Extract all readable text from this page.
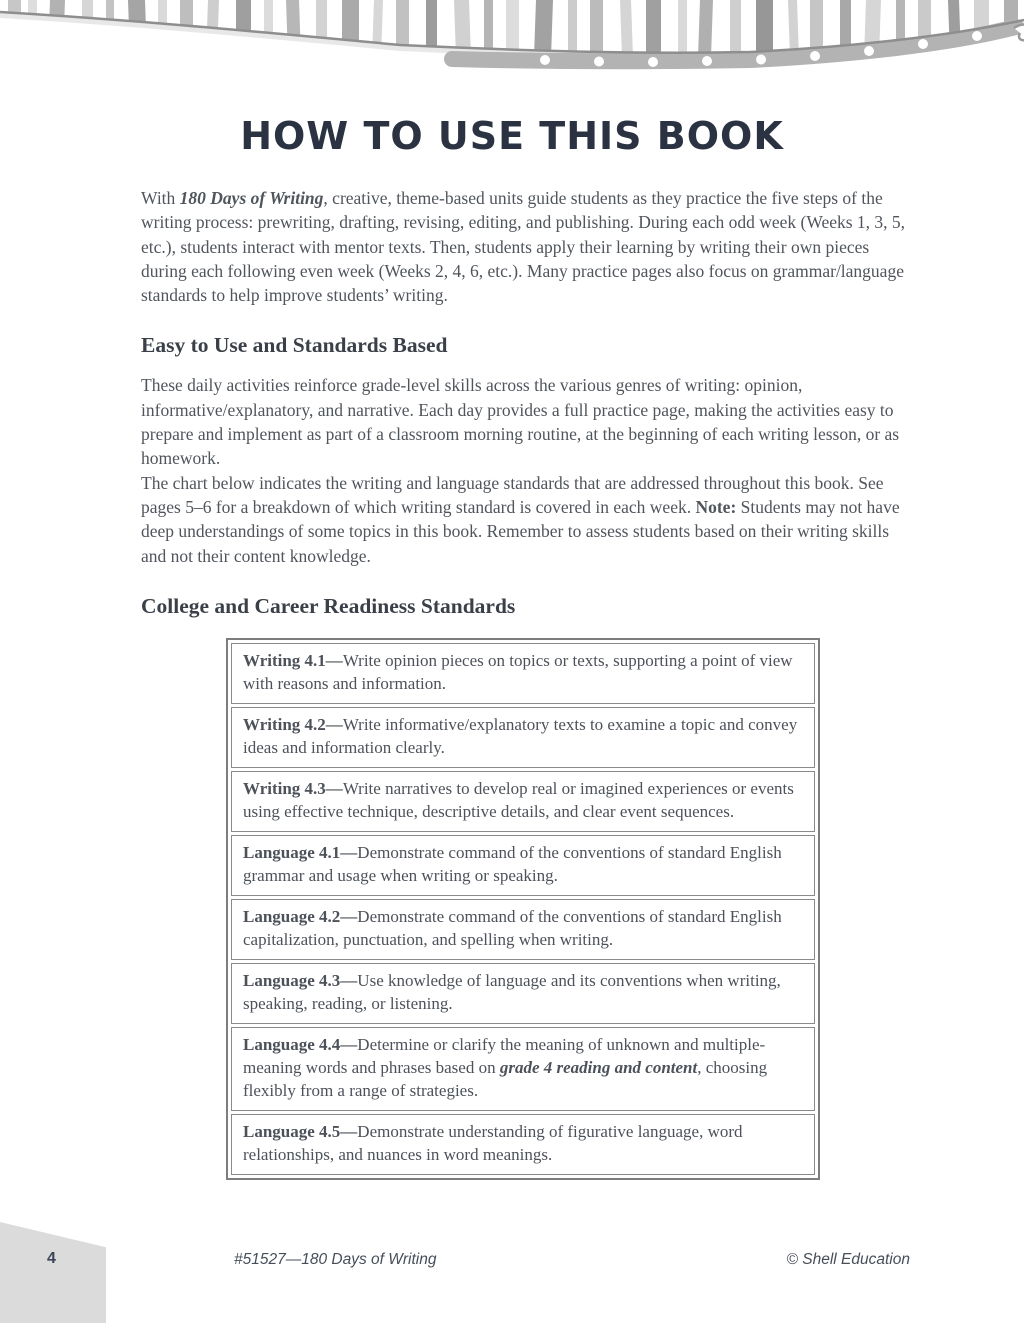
HOW TO USE THIS BOOK

With 180 Days of Writing, creative, theme-based units guide students as they practice the five steps of the writing process: prewriting, drafting, revising, editing, and publishing. During each odd week (Weeks 1, 3, 5, etc.), students interact with mentor texts. Then, students apply their learning by writing their own pieces during each following even week (Weeks 2, 4, 6, etc.). Many practice pages also focus on grammar/language standards to help improve students’ writing.

Easy to Use and Standards Based

These daily activities reinforce grade-level skills across the various genres of writing: opinion, informative/explanatory, and narrative. Each day provides a full practice page, making the activities easy to prepare and implement as part of a classroom morning routine, at the beginning of each writing lesson, or as homework.

The chart below indicates the writing and language standards that are addressed throughout this book. See pages 5–6 for a breakdown of which writing standard is covered in each week. Note: Students may not have deep understandings of some topics in this book. Remember to assess students based on their writing skills and not their content knowledge.

College and Career Readiness Standards
Writing 4.1—Write opinion pieces on topics or texts, supporting a point of view with reasons and information.
Writing 4.2—Write informative/explanatory texts to examine a topic and convey ideas and information clearly.
Writing 4.3—Write narratives to develop real or imagined experiences or events using effective technique, descriptive details, and clear event sequences.
Language 4.1—Demonstrate command of the conventions of standard English grammar and usage when writing or speaking.
Language 4.2—Demonstrate command of the conventions of standard English capitalization, punctuation, and spelling when writing.
Language 4.3—Use knowledge of language and its conventions when writing, speaking, reading, or listening.
Language 4.4—Determine or clarify the meaning of unknown and multiple-meaning words and phrases based on grade 4 reading and content, choosing flexibly from a range of strategies.
Language 4.5—Demonstrate understanding of figurative language, word relationships, and nuances in word meanings.
4	#51527—180 Days of Writing	© Shell Education
